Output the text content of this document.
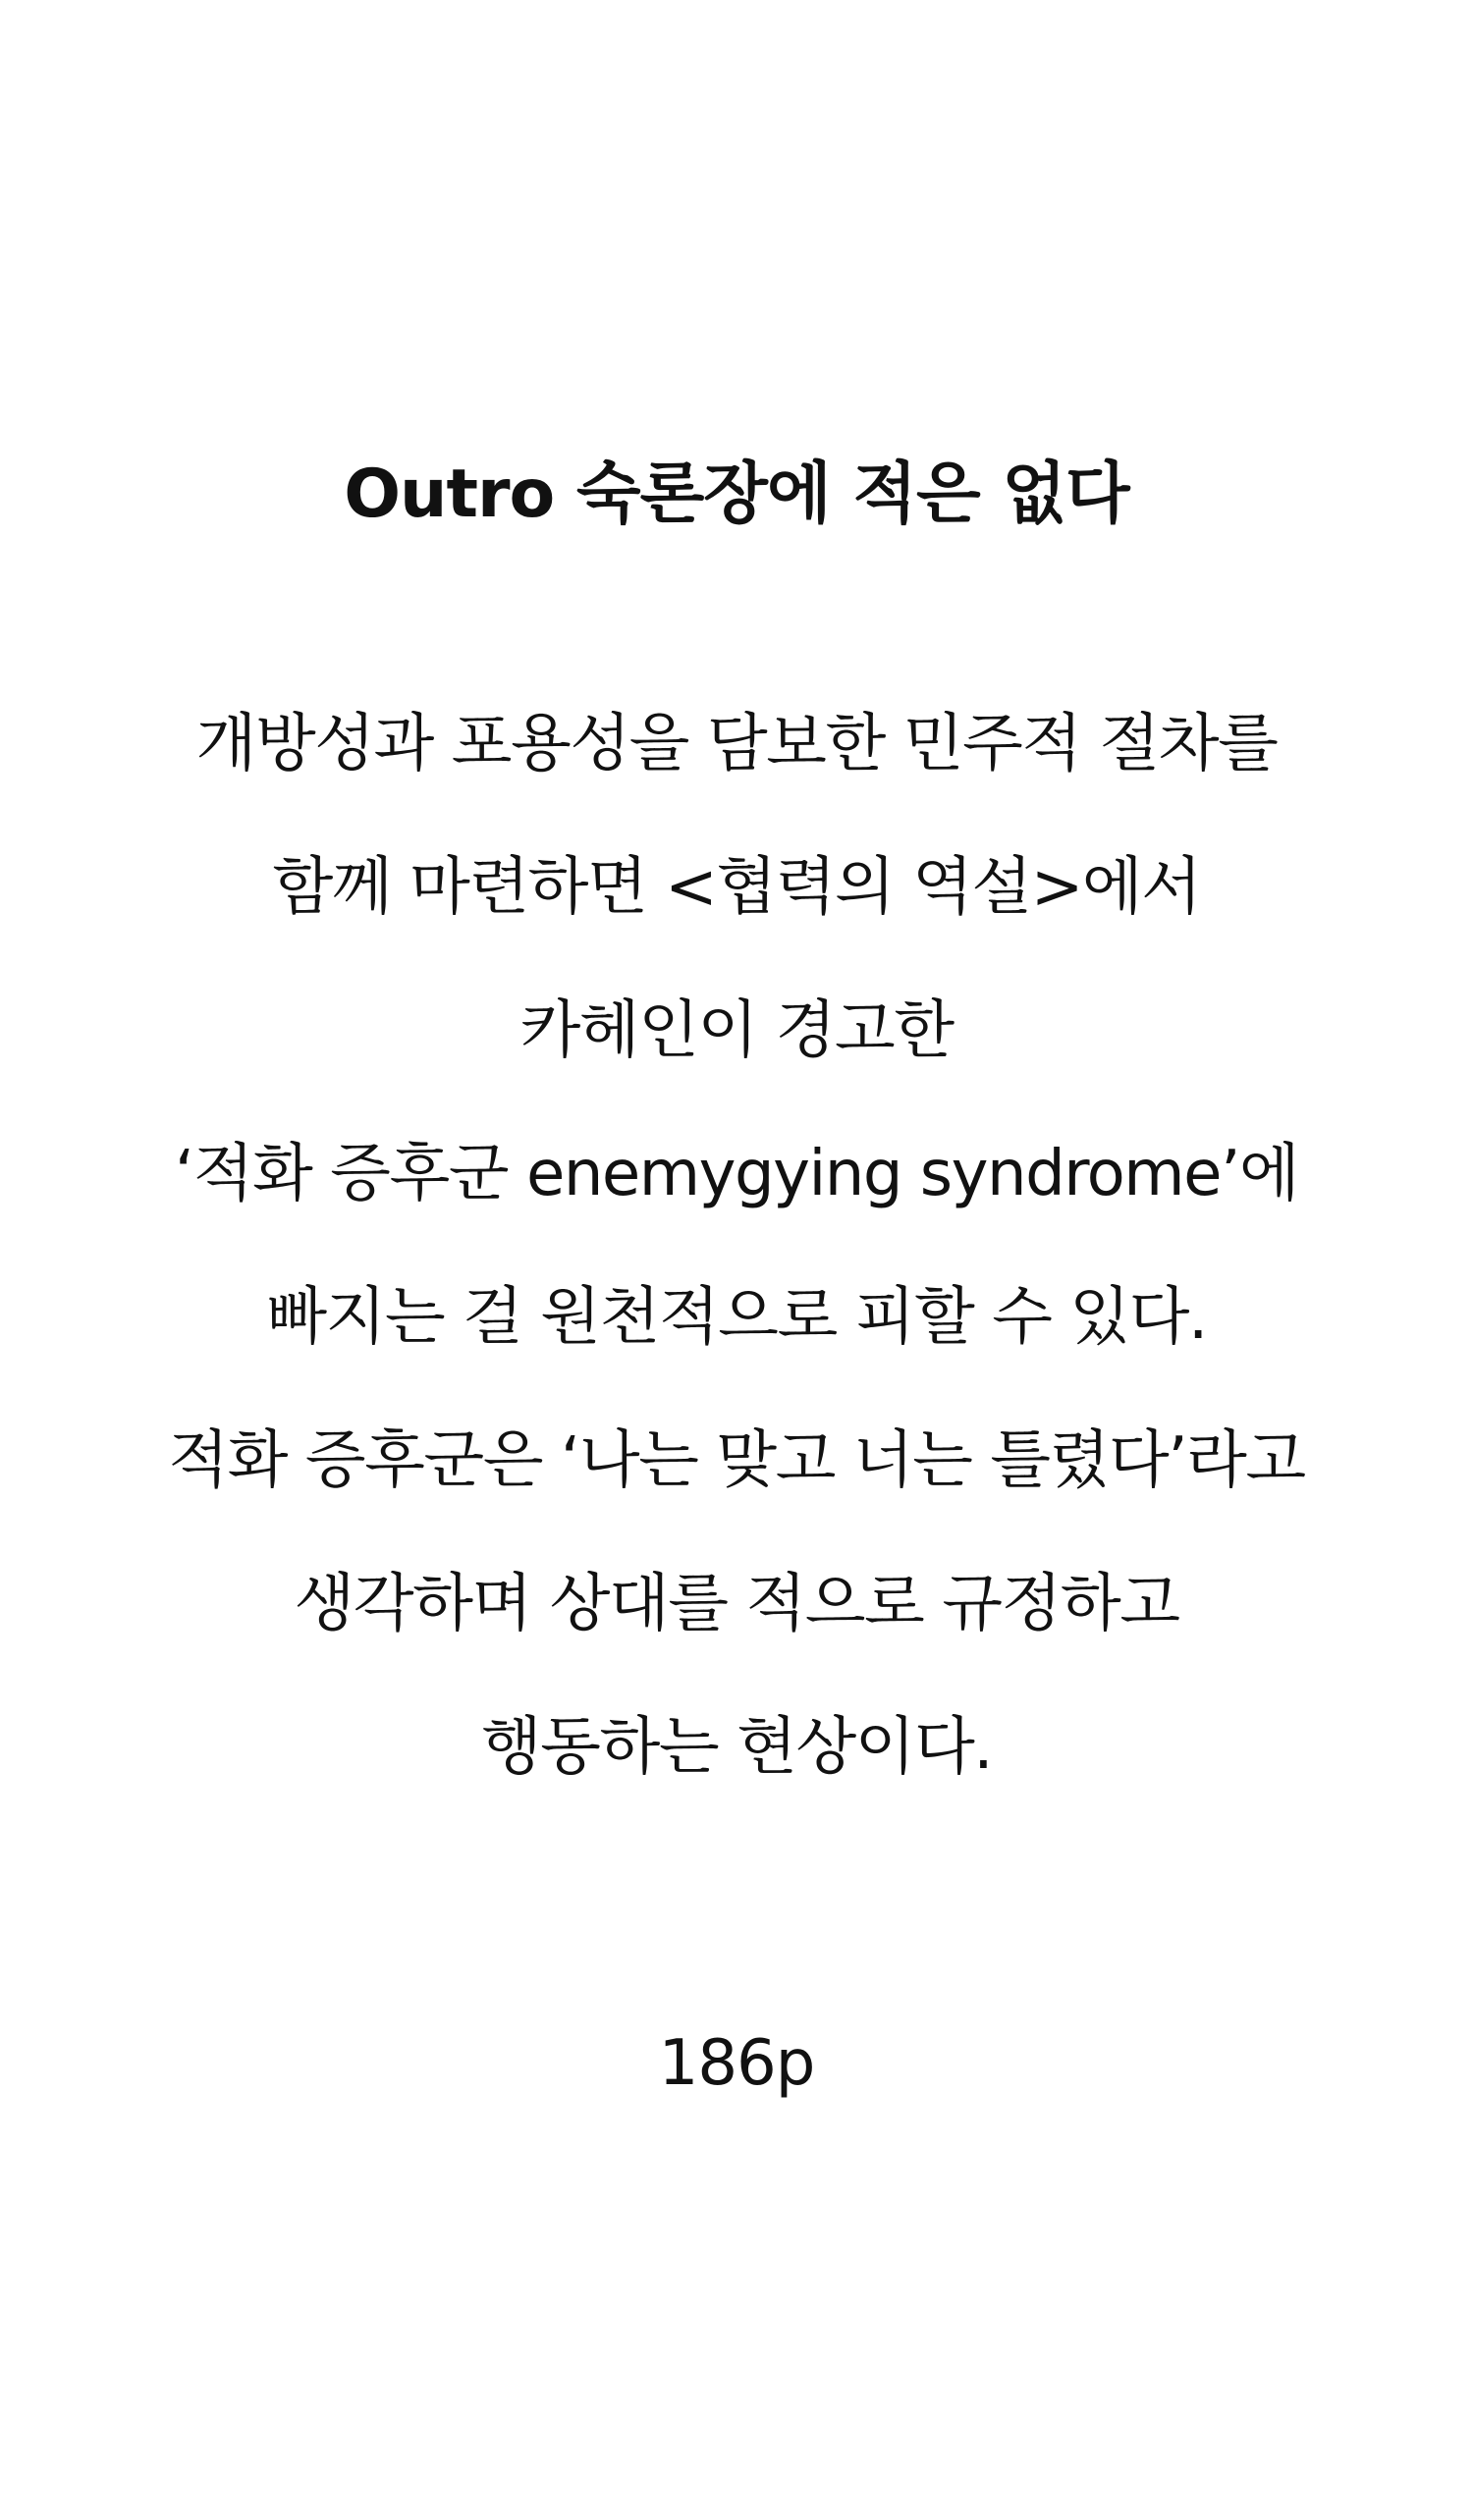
Outro 숙론장에 적은 없다
개방성과 포용성을 담보한 민주적 절차를
함께 마련하면 <협력의 역설>에서
카헤인이 경고한
‘적화 증후군 enemygying syndrome’에
빠지는 걸 원천적으로 피할 수 있다.
적화 증후군은 ‘나는 맞고 너는 틀렸다’라고
생각하며 상대를 적으로 규정하고
행동하는 현상이다.
186p
